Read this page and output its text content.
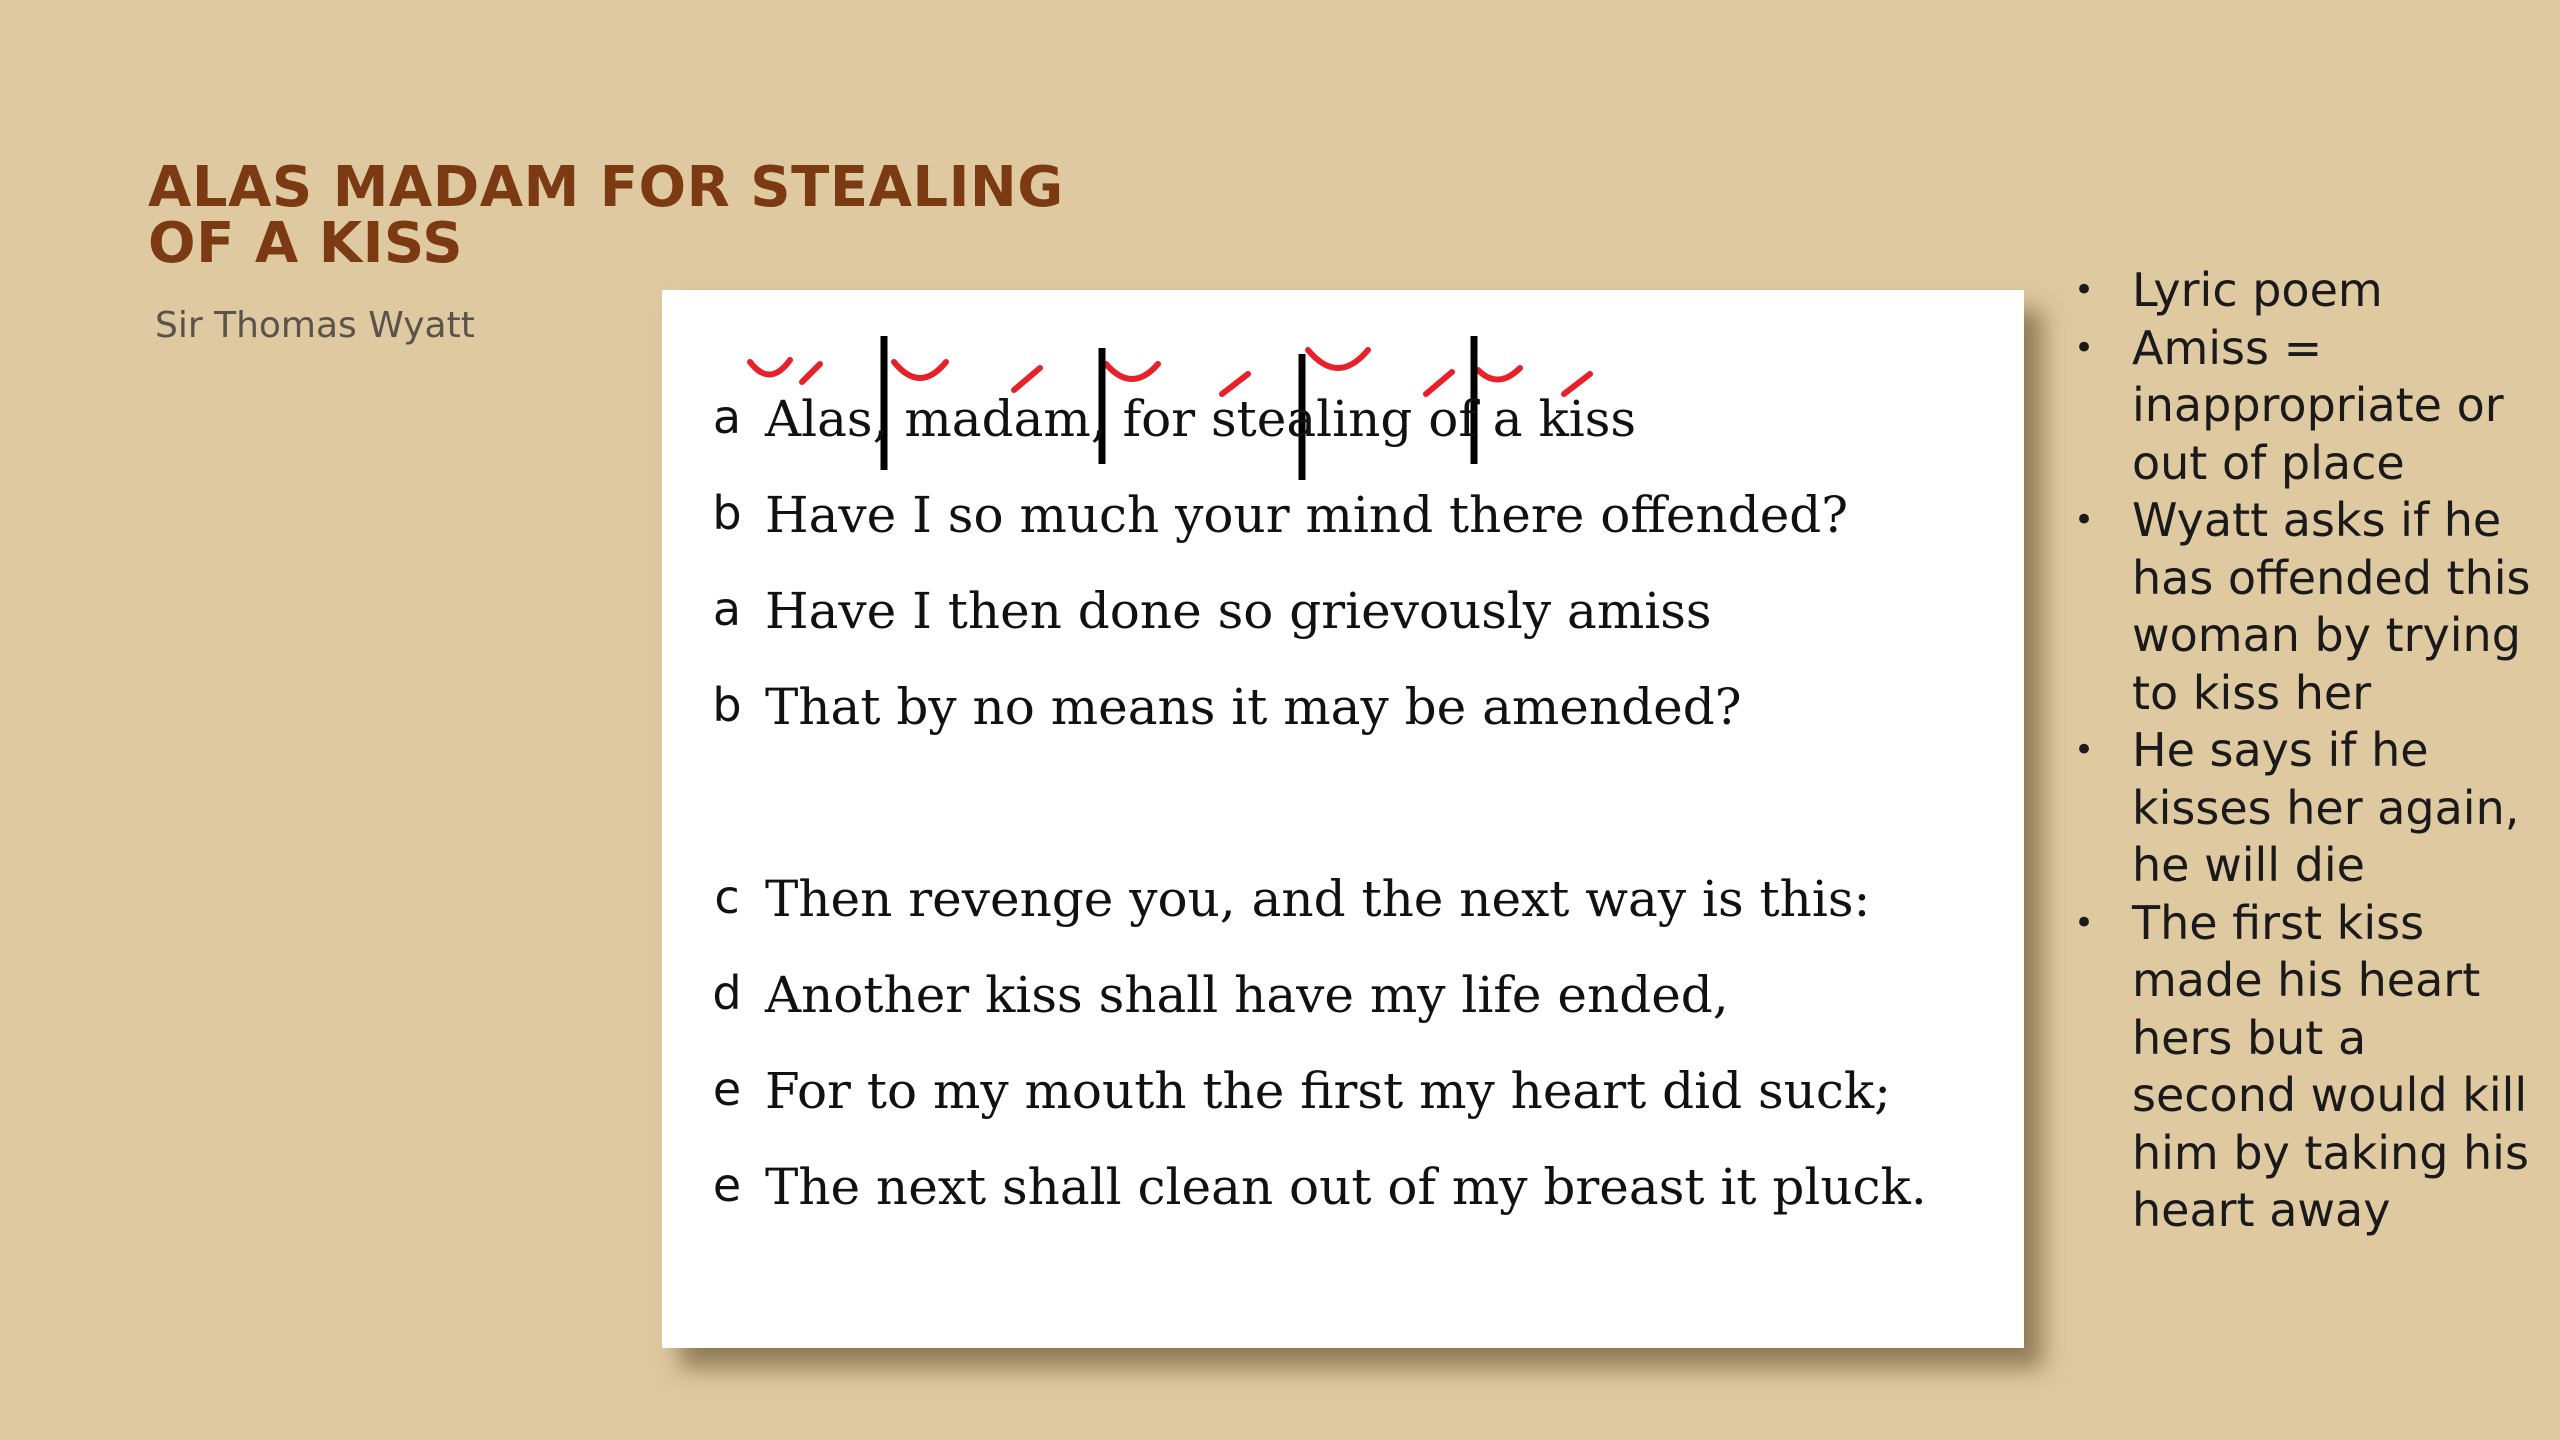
ALAS MADAM FOR STEALING OF A KISS
Sir Thomas Wyatt
a Alas, madam, for stealing of a kiss
b Have I so much your mind there offended?
a Have I then done so grievously amiss
b That by no means it may be amended?
c Then revenge you, and the next way is this:
d Another kiss shall have my life ended,
e For to my mouth the first my heart did suck;
e The next shall clean out of my breast it pluck.
• Lyric poem
• Amiss = inappropriate or out of place
• Wyatt asks if he has offended this woman by trying to kiss her
• He says if he kisses her again, he will die
• The first kiss made his heart hers but a second would kill him by taking his heart away
